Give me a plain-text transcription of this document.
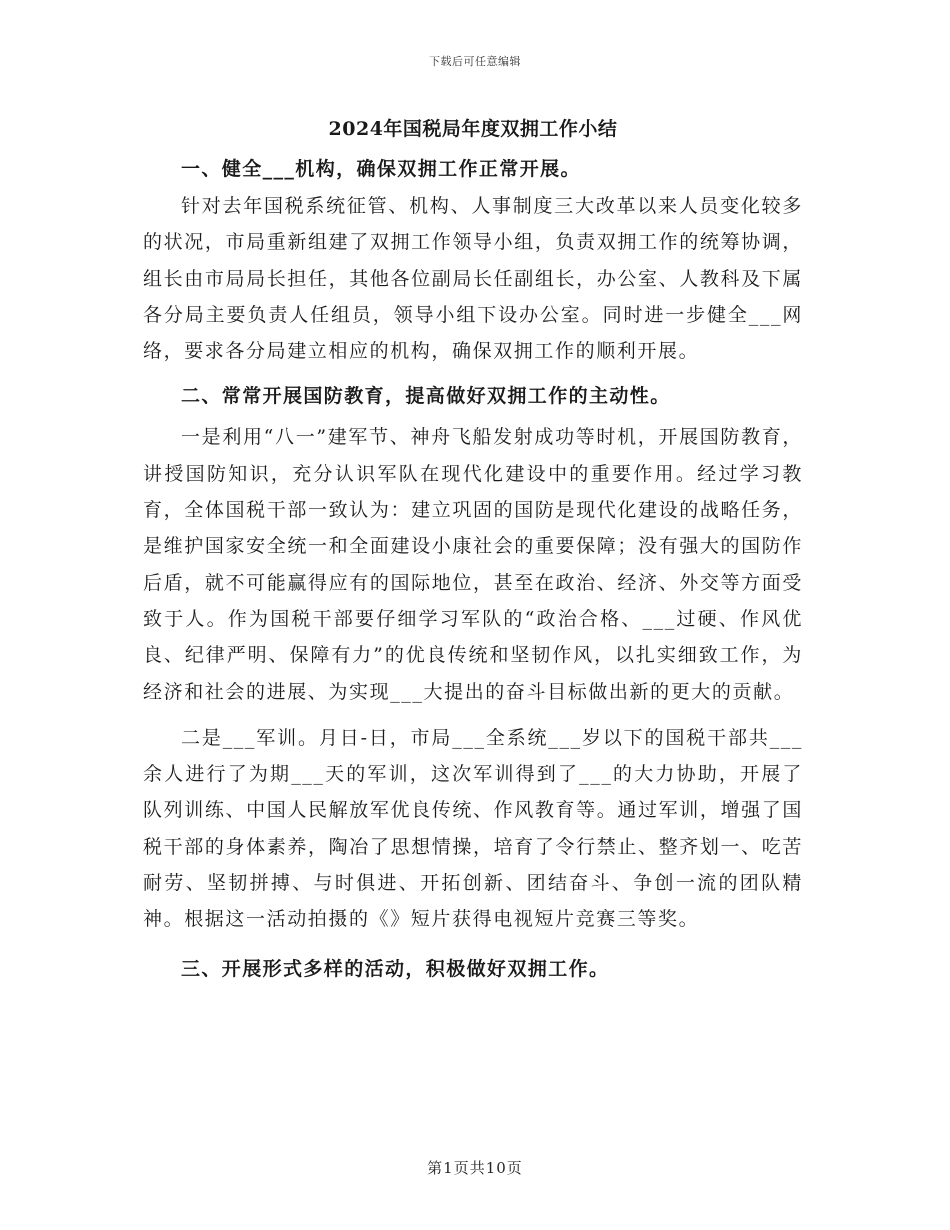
下载后可任意编辑
2024年国税局年度双拥工作小结

一、健全___机构，确保双拥工作正常开展。

针对去年国税系统征管、机构、人事制度三大改革以来人员变化较多的状况，市局重新组建了双拥工作领导小组，负责双拥工作的统筹协调，组长由市局局长担任，其他各位副局长任副组长，办公室、人教科及下属各分局主要负责人任组员，领导小组下设办公室。同时进一步健全___网络，要求各分局建立相应的机构，确保双拥工作的顺利开展。

二、常常开展国防教育，提高做好双拥工作的主动性。

一是利用“八一”建军节、神舟飞船发射成功等时机，开展国防教育，讲授国防知识，充分认识军队在现代化建设中的重要作用。经过学习教育，全体国税干部一致认为：建立巩固的国防是现代化建设的战略任务，是维护国家安全统一和全面建设小康社会的重要保障；没有强大的国防作后盾，就不可能赢得应有的国际地位，甚至在政治、经济、外交等方面受致于人。作为国税干部要仔细学习军队的“政治合格、___过硬、作风优良、纪律严明、保障有力”的优良传统和坚韧作风，以扎实细致工作，为经济和社会的进展、为实现___大提出的奋斗目标做出新的更大的贡献。

二是___军训。月日-日，市局___全系统___岁以下的国税干部共___余人进行了为期___天的军训，这次军训得到了___的大力协助，开展了队列训练、中国人民解放军优良传统、作风教育等。通过军训，增强了国税干部的身体素养，陶冶了思想情操，培育了令行禁止、整齐划一、吃苦耐劳、坚韧拼搏、与时俱进、开拓创新、团结奋斗、争创一流的团队精神。根据这一活动拍摄的《》短片获得电视短片竞赛三等奖。

三、开展形式多样的活动，积极做好双拥工作。

第1页共10页
